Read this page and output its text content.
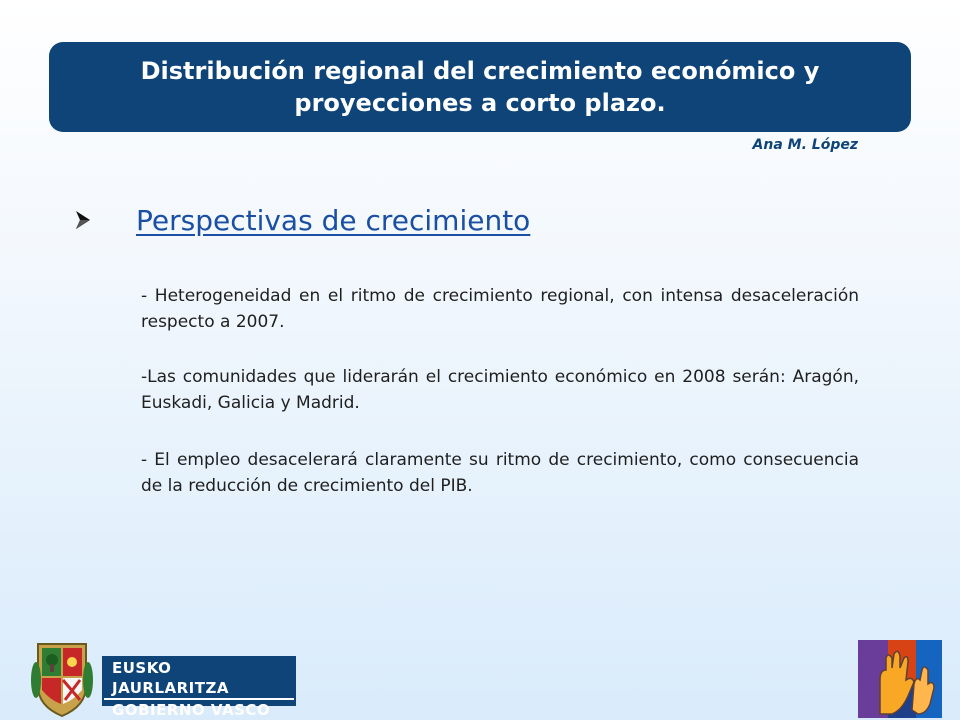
Distribución regional del crecimiento económico y proyecciones a corto plazo.
Ana M. López
Perspectivas de crecimiento
- Heterogeneidad en el ritmo de crecimiento regional, con intensa desaceleración respecto a 2007.
-Las comunidades que liderarán el crecimiento económico en 2008 serán: Aragón, Euskadi, Galicia y Madrid.
- El empleo desacelerará claramente su ritmo de crecimiento, como consecuencia de la reducción de crecimiento del PIB.
EUSKO JAURLARITZA
GOBIERNO VASCO
